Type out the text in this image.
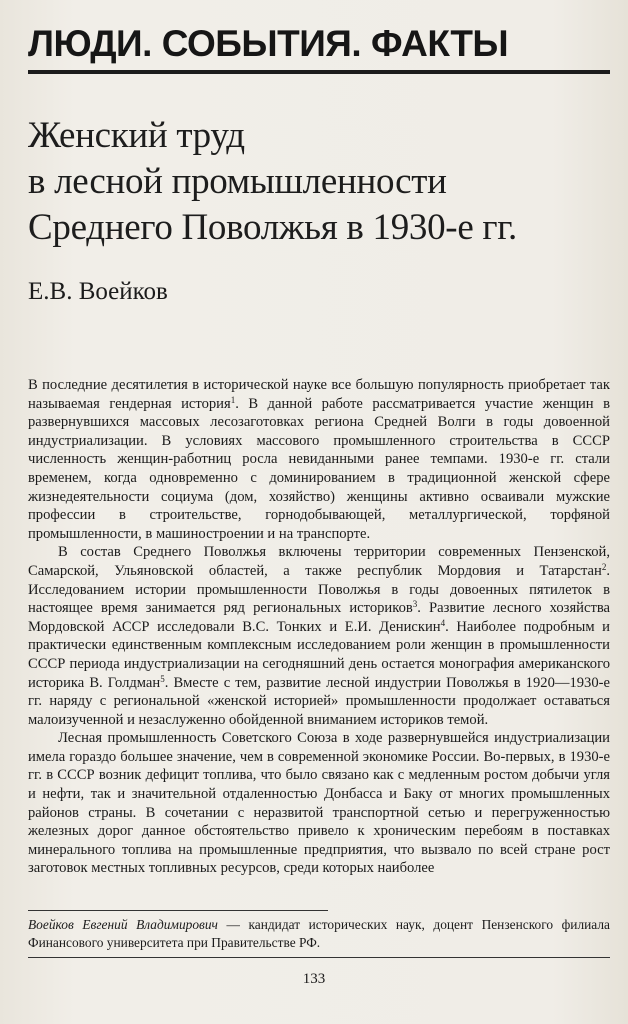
ЛЮДИ. СОБЫТИЯ. ФАКТЫ
Женский труд
в лесной промышленности
Среднего Поволжья в 1930-е гг.
Е.В. Воейков

В последние десятилетия в исторической науке все большую популярность приобретает так называемая гендерная история$^1$. В данной работе рассматривается участие женщин в развернувшихся массовых лесозаготовках региона Средней Волги в годы довоенной индустриализации. В условиях массового промышленного строительства в СССР численность женщин-работниц росла невиданными ранее темпами. 1930-е гг. стали временем, когда одновременно с доминированием в традиционной женской сфере жизнедеятельности социума (дом, хозяйство) женщины активно осваивали мужские профессии в строительстве, горнодобывающей, металлургической, торфяной промышленности, в машиностроении и на транспорте.

В состав Среднего Поволжья включены территории современных Пензенской, Самарской, Ульяновской областей, а также республик Мордовия и Татарстан$^2$. Исследованием истории промышленности Поволжья в годы довоенных пятилеток в настоящее время занимается ряд региональных историков$^3$. Развитие лесного хозяйства Мордовской АССР исследовали В.С. Тонких и Е.И. Денискин$^4$. Наиболее подробным и практически единственным комплексным исследованием роли женщин в промышленности СССР периода индустриализации на сегодняшний день остается монография американского историка В. Голдман$^5$. Вместе с тем, развитие лесной индустрии Поволжья в 1920—1930-е гг. наряду с региональной «женской историей» промышленности продолжает оставаться малоизученной и незаслуженно обойденной вниманием историков темой.

Лесная промышленность Советского Союза в ходе развернувшейся индустриализации имела гораздо большее значение, чем в современной экономике России. Во-первых, в 1930-е гг. в СССР возник дефицит топлива, что было связано как с медленным ростом добычи угля и нефти, так и значительной отдаленностью Донбасса и Баку от многих промышленных районов страны. В сочетании с неразвитой транспортной сетью и перегруженностью железных дорог данное обстоятельство привело к хроническим перебоям в поставках минерального топлива на промышленные предприятия, что вызвало по всей стране рост заготовок местных топливных ресурсов, среди которых наиболее

Воейков Евгений Владимирович — кандидат исторических наук, доцент Пензенского филиала Финансового университета при Правительстве РФ.
133
